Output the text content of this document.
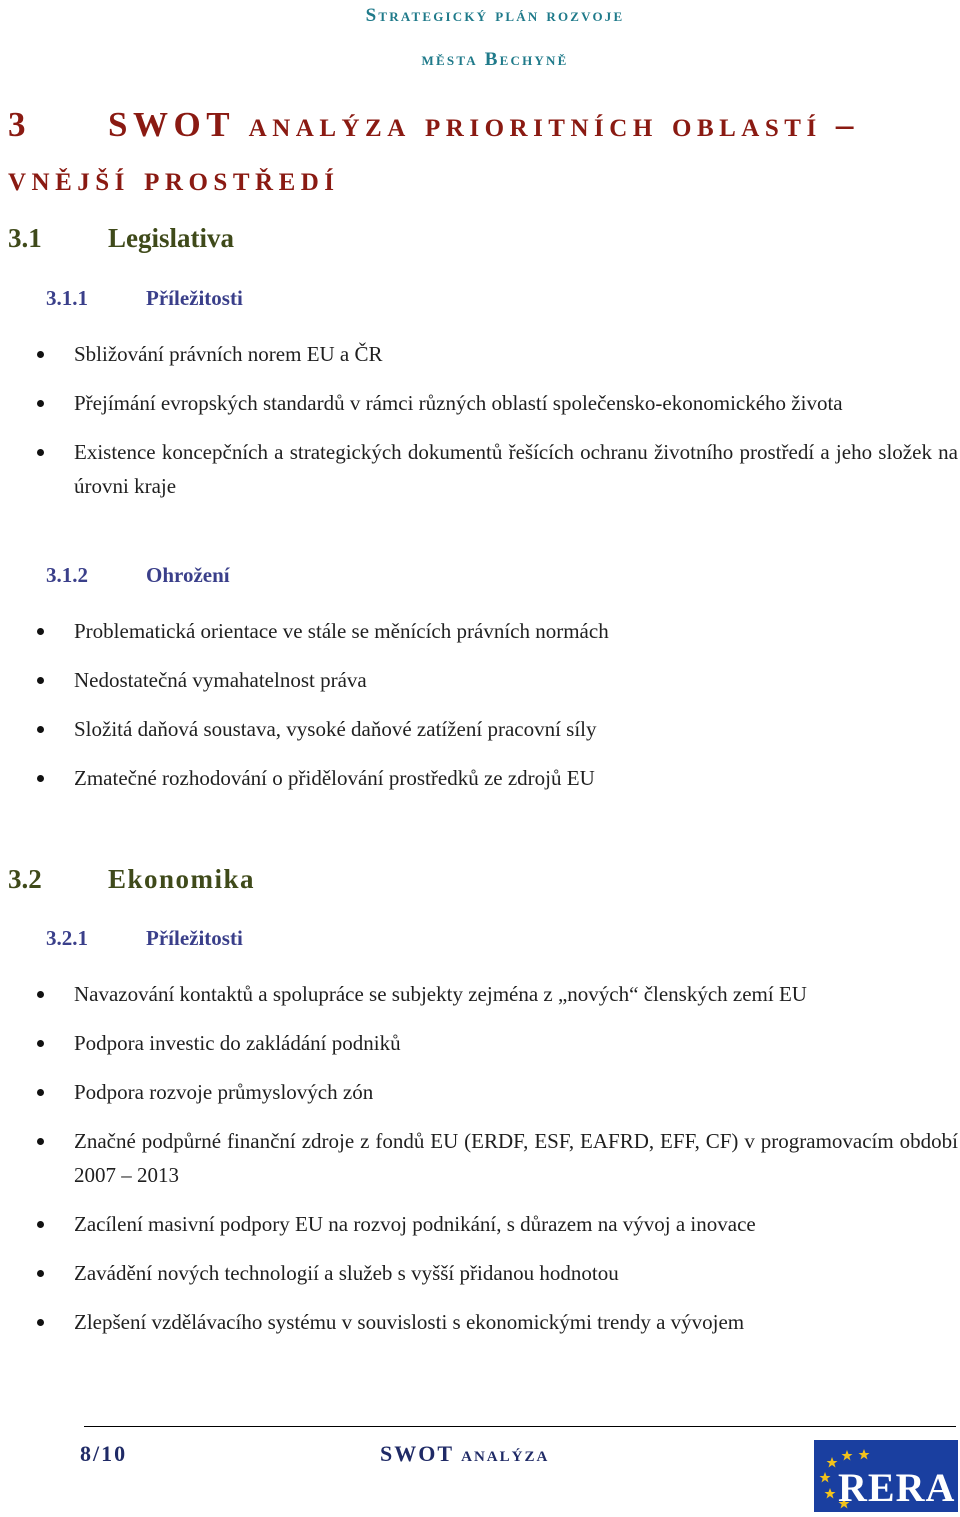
Strategický plán rozvoje
města Bechyně
3 SWOT analýza prioritních oblastí – vnější prostředí
3.1 Legislativa
3.1.1	Příležitosti
Sbližování právních norem EU a ČR
Přejímání evropských standardů v rámci různých oblastí společensko-ekonomického života
Existence koncepčních a strategických dokumentů řešících ochranu životního prostředí a jeho složek na úrovni kraje
3.1.2	Ohrožení
Problematická orientace ve stále se měnících právních normách
Nedostatečná vymahatelnost práva
Složitá daňová soustava, vysoké daňové zatížení pracovní síly
Zmatečné rozhodování o přidělování prostředků ze zdrojů EU
3.2 Ekonomika
3.2.1	Příležitosti
Navazování kontaktů a spolupráce se subjekty zejména z „nových“ členských zemí EU
Podpora investic do zakládání podniků
Podpora rozvoje průmyslových zón
Značné podpůrné finanční zdroje z fondů EU (ERDF, ESF, EAFRD, EFF, CF) v programovacím období 2007 – 2013
Zacílení masivní podpory EU na rozvoj podnikání, s důrazem na vývoj a inovace
Zavádění nových technologií a služeb s vyšší přidanou hodnotou
Zlepšení vzdělávacího systému v souvislosti s ekonomickými trendy a vývojem
8/10	SWOT analýza
RERA
